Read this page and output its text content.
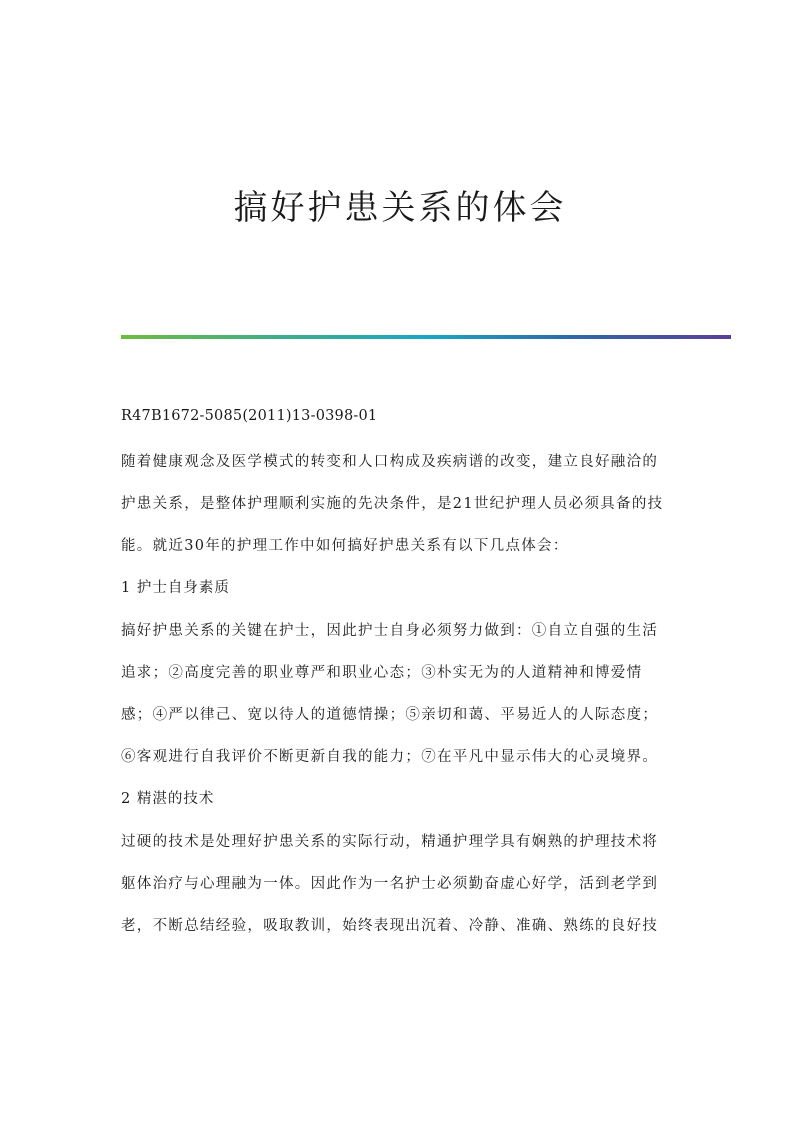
搞好护患关系的体会

R47B1672-5085(2011)13-0398-01

随着健康观念及医学模式的转变和人口构成及疾病谱的改变，建立良好融洽的

护患关系，是整体护理顺利实施的先决条件，是21世纪护理人员必须具备的技

能。就近30年的护理工作中如何搞好护患关系有以下几点体会：

1 护士自身素质

搞好护患关系的关键在护士，因此护士自身必须努力做到：①自立自强的生活

追求；②高度完善的职业尊严和职业心态；③朴实无为的人道精神和博爱情

感；④严以律己、宽以待人的道德情操；⑤亲切和蔼、平易近人的人际态度；

⑥客观进行自我评价不断更新自我的能力；⑦在平凡中显示伟大的心灵境界。

2 精湛的技术

过硬的技术是处理好护患关系的实际行动，精通护理学具有娴熟的护理技术将

躯体治疗与心理融为一体。因此作为一名护士必须勤奋虚心好学，活到老学到

老，不断总结经验，吸取教训，始终表现出沉着、冷静、准确、熟练的良好技
